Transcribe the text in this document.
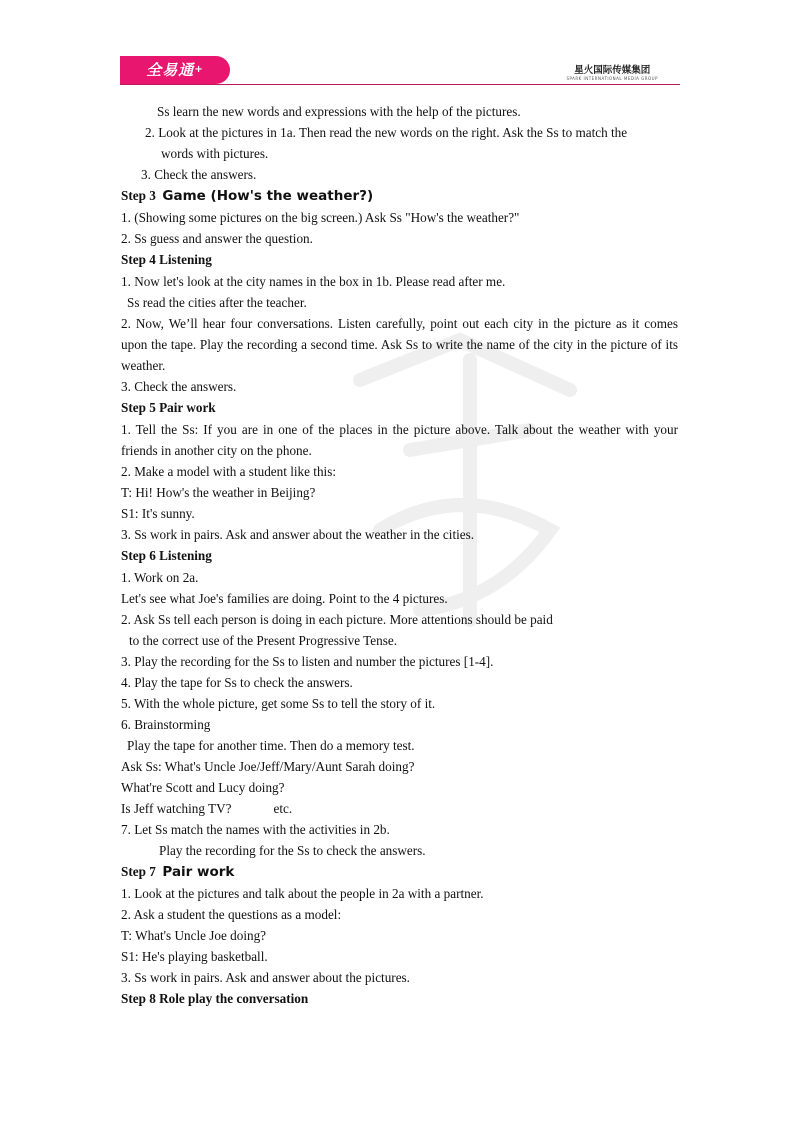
全易通+	星火国际传媒集团
SPARK INTERNATIONAL MEDIA GROUP
Ss learn the new words and expressions with the help of the pictures.
2. Look at the pictures in 1a. Then read the new words on the right. Ask the Ss to match the
words with pictures.
3. Check the answers.
Step 3 Game (How's the weather?)
1. (Showing some pictures on the big screen.) Ask Ss "How's the weather?"
2. Ss guess and answer the question.
Step 4 Listening
1. Now let's look at the city names in the box in 1b. Please read after me.
Ss read the cities after the teacher.
2. Now, We’ll hear four conversations. Listen carefully, point out each city in the picture as it comes upon the tape. Play the recording a second time. Ask Ss to write the name of the city in the picture of its weather.
3. Check the answers.
Step 5 Pair work
1. Tell the Ss: If you are in one of the places in the picture above. Talk about the weather with your friends in another city on the phone.
2. Make a model with a student like this:
T: Hi! How's the weather in Beijing?
S1: It's sunny.
3. Ss work in pairs. Ask and answer about the weather in the cities.
Step 6 Listening
1. Work on 2a.
Let's see what Joe's families are doing. Point to the 4 pictures.
2. Ask Ss tell each person is doing in each picture. More attentions should be paid
to the correct use of the Present Progressive Tense.
3. Play the recording for the Ss to listen and number the pictures [1-4].
4. Play the tape for Ss to check the answers.
5. With the whole picture, get some Ss to tell the story of it.
6. Brainstorming
Play the tape for another time. Then do a memory test.
Ask Ss: What's Uncle Joe/Jeff/Mary/Aunt Sarah doing?
What're Scott and Lucy doing?
Is Jeff watching TV?	etc.
7. Let Ss match the names with the activities in 2b.
Play the recording for the Ss to check the answers.
Step 7 Pair work
1. Look at the pictures and talk about the people in 2a with a partner.
2. Ask a student the questions as a model:
T: What's Uncle Joe doing?
S1: He's playing basketball.
3. Ss work in pairs. Ask and answer about the pictures.
Step 8 Role play the conversation
